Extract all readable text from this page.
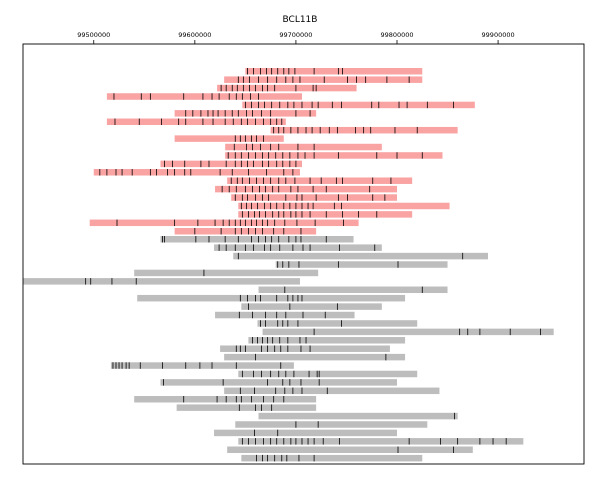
BCL11B
99500000	99600000	99700000	99800000	99900000
